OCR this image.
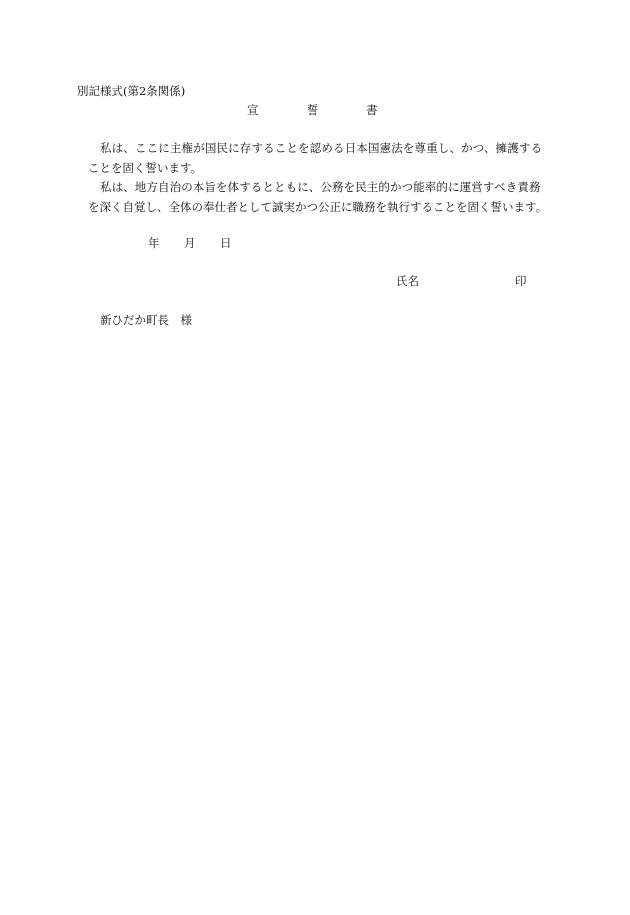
別記様式(第2条関係)
宣	誓	書
私は、ここに主権が国民に存することを認める日本国憲法を尊重し、かつ、擁護する
ことを固く誓います。
私は、地方自治の本旨を体するとともに、公務を民主的かつ能率的に運営すべき責務
を深く自覚し、全体の奉仕者として誠実かつ公正に職務を執行することを固く誓います。
年 月 日
氏名	印
新ひだか町長　様
